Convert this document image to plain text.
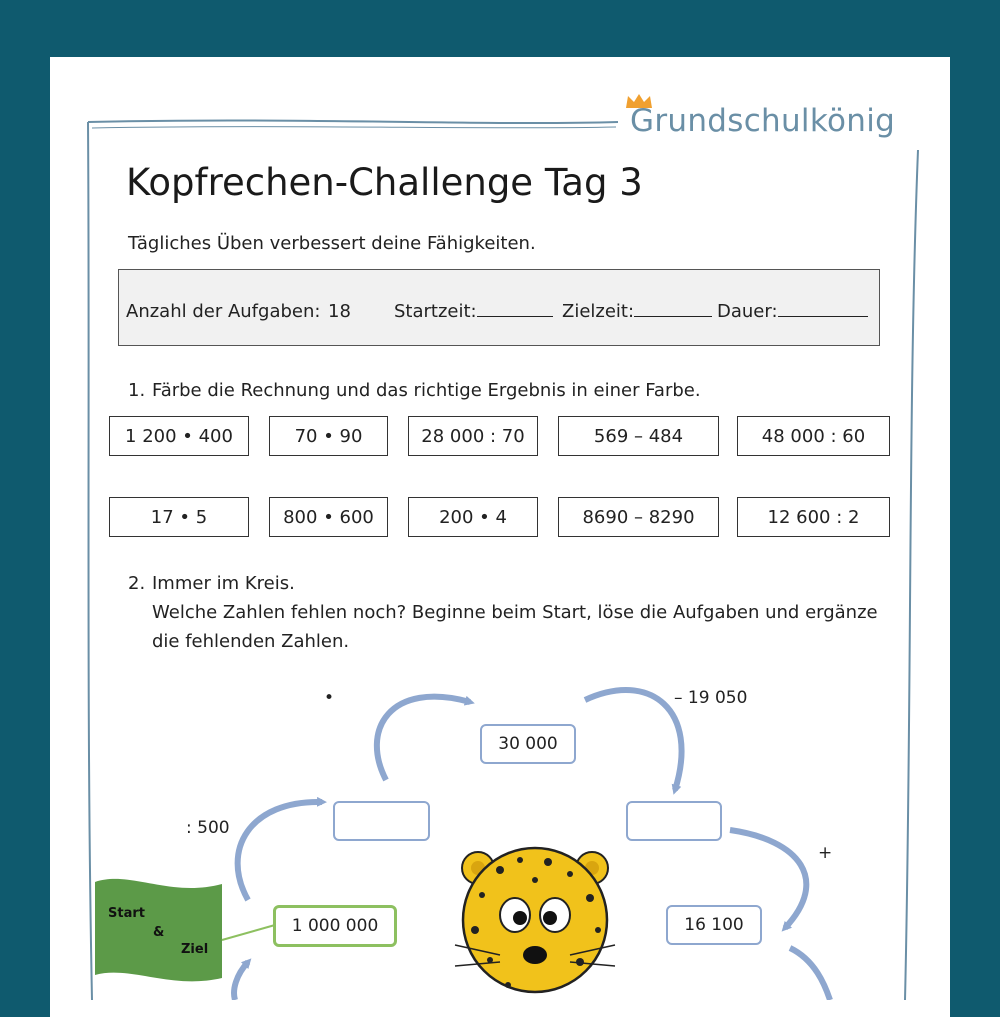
Grundschulkönig
Kopfrechen-Challenge Tag 3
Tägliches Üben verbessert deine Fähigkeiten.
Anzahl der Aufgaben: 18 Startzeit:	Zielzeit:	Dauer:
1. Färbe die Rechnung und das richtige Ergebnis in einer Farbe.
1 200 • 400	70 • 90	28 000 : 70	569 – 484	48 000 : 60
17 • 5	800 • 600	200 • 4	8690 – 8290	12 600 : 2
2. Immer im Kreis.
Welche Zahlen fehlen noch? Beginne beim Start, löse die Aufgaben und ergänze
die fehlenden Zahlen.
•	– 19 050
: 500
+
30 000
1 000 000	16 100
Start
&
Ziel
